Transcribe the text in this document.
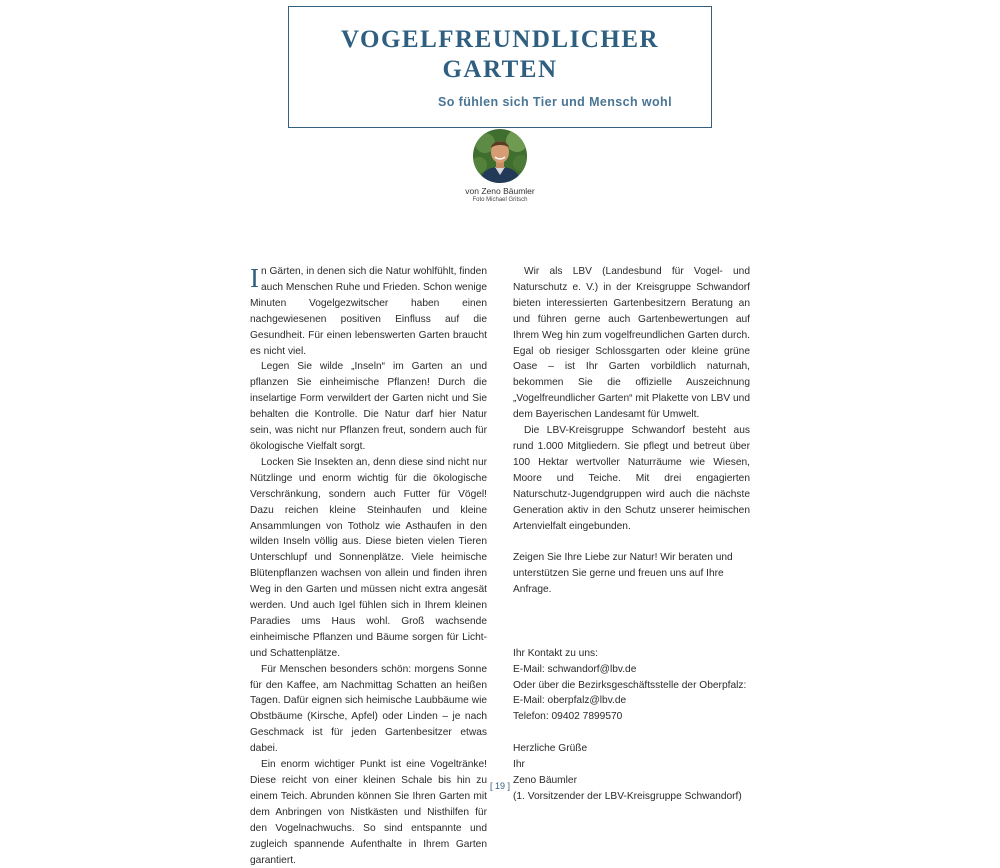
VOGELFREUNDLICHER
GARTEN
So fühlen sich Tier und Mensch wohl
von Zeno Bäumler
Foto Michael Gritsch

In Gärten, in denen sich die Natur wohlfühlt, finden auch Menschen Ruhe und Frieden. Schon wenige Minuten Vogelgezwitscher haben einen nachgewiesenen positiven Einfluss auf die Gesundheit. Für einen lebenswerten Garten braucht es nicht viel.

Legen Sie wilde „Inseln“ im Garten an und pflanzen Sie einheimische Pflanzen! Durch die inselartige Form verwildert der Garten nicht und Sie behalten die Kontrolle. Die Natur darf hier Natur sein, was nicht nur Pflanzen freut, sondern auch für ökologische Vielfalt sorgt.

Locken Sie Insekten an, denn diese sind nicht nur Nützlinge und enorm wichtig für die ökologische Verschränkung, sondern auch Futter für Vögel! Dazu reichen kleine Steinhaufen und kleine Ansammlungen von Totholz wie Asthaufen in den wilden Inseln völlig aus. Diese bieten vielen Tieren Unterschlupf und Sonnenplätze. Viele heimische Blütenpflanzen wachsen von allein und finden ihren Weg in den Garten und müssen nicht extra angesät werden. Und auch Igel fühlen sich in Ihrem kleinen Paradies ums Haus wohl. Groß wachsende einheimische Pflanzen und Bäume sorgen für Licht- und Schattenplätze.

Für Menschen besonders schön: morgens Sonne für den Kaffee, am Nachmittag Schatten an heißen Tagen. Dafür eignen sich heimische Laubbäume wie Obstbäume (Kirsche, Apfel) oder Linden – je nach Geschmack ist für jeden Gartenbesitzer etwas dabei.

Ein enorm wichtiger Punkt ist eine Vogeltränke! Diese reicht von einer kleinen Schale bis hin zu einem Teich. Abrunden können Sie Ihren Garten mit dem Anbringen von Nistkästen und Nisthilfen für den Vogelnachwuchs. So sind entspannte und zugleich spannende Aufenthalte in Ihrem Garten garantiert.

Wir als LBV (Landesbund für Vogel- und Naturschutz e. V.) in der Kreisgruppe Schwandorf bieten interessierten Gartenbesitzern Beratung an und führen gerne auch Gartenbewertungen auf Ihrem Weg hin zum vogelfreundlichen Garten durch. Egal ob riesiger Schlossgarten oder kleine grüne Oase – ist Ihr Garten vorbildlich naturnah, bekommen Sie die offizielle Auszeichnung „Vogelfreundlicher Garten“ mit Plakette von LBV und dem Bayerischen Landesamt für Umwelt.

Die LBV-Kreisgruppe Schwandorf besteht aus rund 1.000 Mitgliedern. Sie pflegt und betreut über 100 Hektar wertvoller Naturräume wie Wiesen, Moore und Teiche. Mit drei engagierten Naturschutz-Jugendgruppen wird auch die nächste Generation aktiv in den Schutz unserer heimischen Artenvielfalt eingebunden.

Zeigen Sie Ihre Liebe zur Natur! Wir beraten und unterstützen Sie gerne und freuen uns auf Ihre Anfrage.

Ihr Kontakt zu uns:

E-Mail: schwandorf@lbv.de

Oder über die Bezirksgeschäftsstelle der Oberpfalz:

E-Mail: oberpfalz@lbv.de

Telefon: 09402 7899570

Herzliche Grüße

Ihr

Zeno Bäumler

(1. Vorsitzender der LBV-Kreisgruppe Schwandorf)

[ 19 ]
